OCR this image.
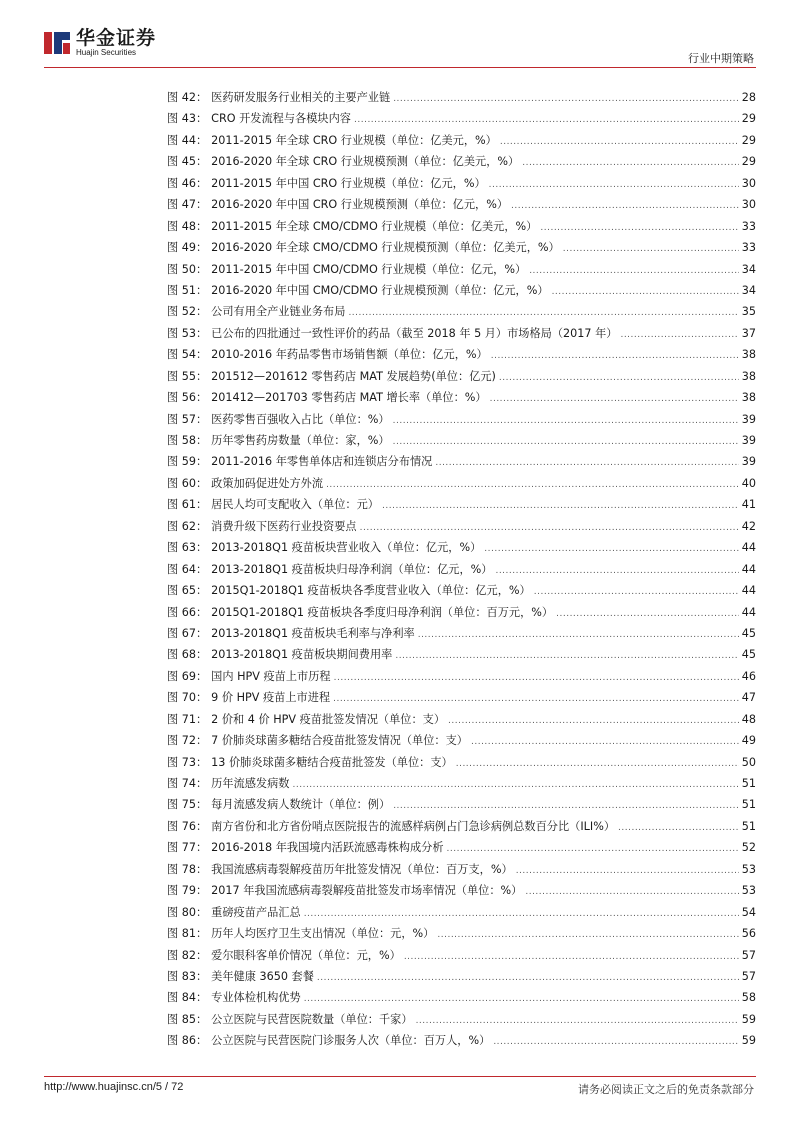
华金证券
Huajin Securities	行业中期策略
图 42： 医药研发服务行业相关的主要产业链 .....	28
图 43： CRO 开发流程与各模块内容 .....	29
图 44： 2011-2015 年全球 CRO 行业规模（单位：亿美元，%） .....	29
图 45： 2016-2020 年全球 CRO 行业规模预测（单位：亿美元，%） .....	29
图 46： 2011-2015 年中国 CRO 行业规模（单位：亿元，%） .....	30
图 47： 2016-2020 年中国 CRO 行业规模预测（单位：亿元，%） .....	30
图 48： 2011-2015 年全球 CMO/CDMO 行业规模（单位：亿美元，%） .....	33
图 49： 2016-2020 年全球 CMO/CDMO 行业规模预测（单位：亿美元，%） .....	33
图 50： 2011-2015 年中国 CMO/CDMO 行业规模（单位：亿元，%） .....	34
图 51： 2016-2020 年中国 CMO/CDMO 行业规模预测（单位：亿元，%） .....	34
图 52： 公司有用全产业链业务布局 .....	35
图 53： 已公布的四批通过一致性评价的药品（截至 2018 年 5 月）市场格局（2017 年） .....	37
图 54： 2010-2016 年药品零售市场销售额（单位：亿元，%） .....	38
图 55： 201512—201612 零售药店 MAT 发展趋势(单位：亿元) .....	38
图 56： 201412—201703 零售药店 MAT 增长率（单位：%） .....	38
图 57： 医药零售百强收入占比（单位：%） .....	39
图 58： 历年零售药房数量（单位：家，%） .....	39
图 59： 2011-2016 年零售单体店和连锁店分布情况 .....	39
图 60： 政策加码促进处方外流 .....	40
图 61： 居民人均可支配收入（单位：元） .....	41
图 62： 消费升级下医药行业投资要点 .....	42
图 63： 2013-2018Q1 疫苗板块营业收入（单位：亿元，%） .....	44
图 64： 2013-2018Q1 疫苗板块归母净利润（单位：亿元，%） .....	44
图 65： 2015Q1-2018Q1 疫苗板块各季度营业收入（单位：亿元，%） .....	44
图 66： 2015Q1-2018Q1 疫苗板块各季度归母净利润（单位：百万元，%） .....	44
图 67： 2013-2018Q1 疫苗板块毛利率与净利率 .....	45
图 68： 2013-2018Q1 疫苗板块期间费用率 .....	45
图 69： 国内 HPV 疫苗上市历程 .....	46
图 70： 9 价 HPV 疫苗上市进程 .....	47
图 71： 2 价和 4 价 HPV 疫苗批签发情况（单位：支） .....	48
图 72： 7 价肺炎球菌多糖结合疫苗批签发情况（单位：支） .....	49
图 73： 13 价肺炎球菌多糖结合疫苗批签发（单位：支） .....	50
图 74： 历年流感发病数 .....	51
图 75： 每月流感发病人数统计（单位：例） .....	51
图 76： 南方省份和北方省份哨点医院报告的流感样病例占门急诊病例总数百分比（ILI%） .....	51
图 77： 2016-2018 年我国境内活跃流感毒株构成分析 .....	52
图 78： 我国流感病毒裂解疫苗历年批签发情况（单位：百万支，%） .....	53
图 79： 2017 年我国流感病毒裂解疫苗批签发市场率情况（单位：%） .....	53
图 80： 重磅疫苗产品汇总 .....	54
图 81： 历年人均医疗卫生支出情况（单位：元，%） .....	56
图 82： 爱尔眼科客单价情况（单位：元，%） .....	57
图 83： 美年健康 3650 套餐 .....	57
图 84： 专业体检机构优势 .....	58
图 85： 公立医院与民营医院数量（单位：千家） .....	59
图 86： 公立医院与民营医院门诊服务人次（单位：百万人，%） .....	59
http://www.huajinsc.cn/5 / 72	请务必阅读正文之后的免责条款部分
